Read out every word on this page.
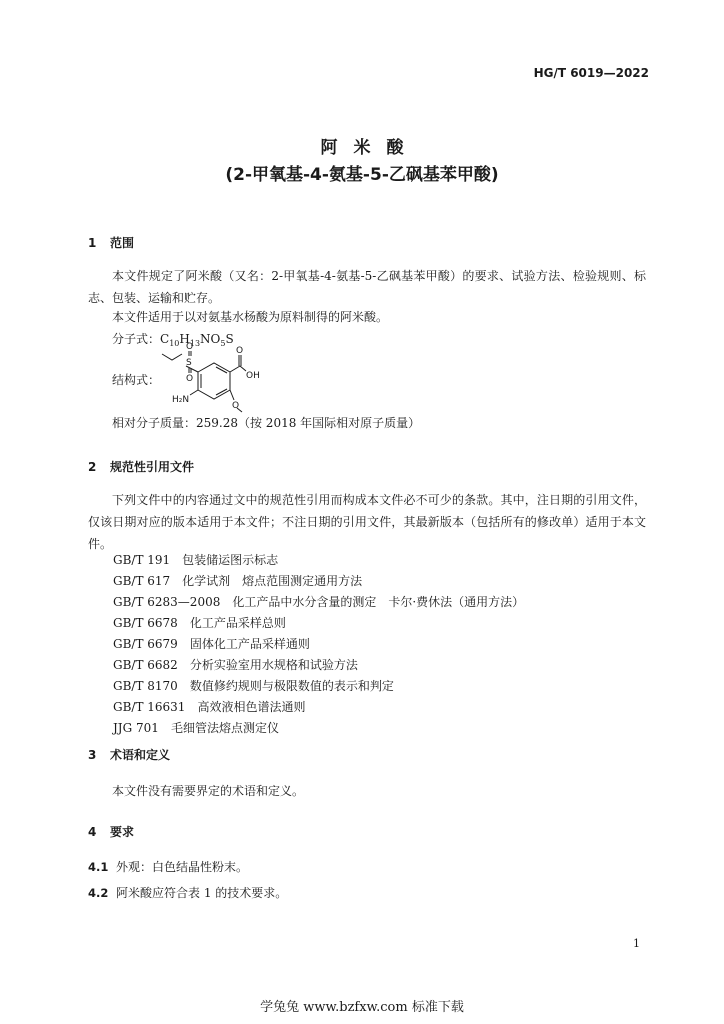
HG/T 6019—2022
阿米酸
(2-甲氧基-4-氨基-5-乙砜基苯甲酸)
1 范围
本文件规定了阿米酸（又名：2-甲氧基-4-氨基-5-乙砜基苯甲酸）的要求、试验方法、检验规则、标志、包装、运输和贮存。
本文件适用于以对氨基水杨酸为原料制得的阿米酸。
分子式：$C_{10}H_{13}NO_5S$
结构式：
S
O
O
O
OH
H₂N
O
相对分子质量：259.28（按 2018 年国际相对原子质量）
2 规范性引用文件
下列文件中的内容通过文中的规范性引用而构成本文件必不可少的条款。其中，注日期的引用文件，仅该日期对应的版本适用于本文件；不注日期的引用文件，其最新版本（包括所有的修改单）适用于本文件。
GB/T 191 包装储运图示标志
GB/T 617 化学试剂　熔点范围测定通用方法
GB/T 6283—2008 化工产品中水分含量的测定　卡尔·费休法（通用方法）
GB/T 6678 化工产品采样总则
GB/T 6679 固体化工产品采样通则
GB/T 6682 分析实验室用水规格和试验方法
GB/T 8170 数值修约规则与极限数值的表示和判定
GB/T 16631 高效液相色谱法通则
JJG 701 毛细管法熔点测定仪
3 术语和定义
本文件没有需要界定的术语和定义。
4 要求
4.1 外观：白色结晶性粉末。
4.2 阿米酸应符合表 1 的技术要求。
1
学兔兔 www.bzfxw.com 标准下载
